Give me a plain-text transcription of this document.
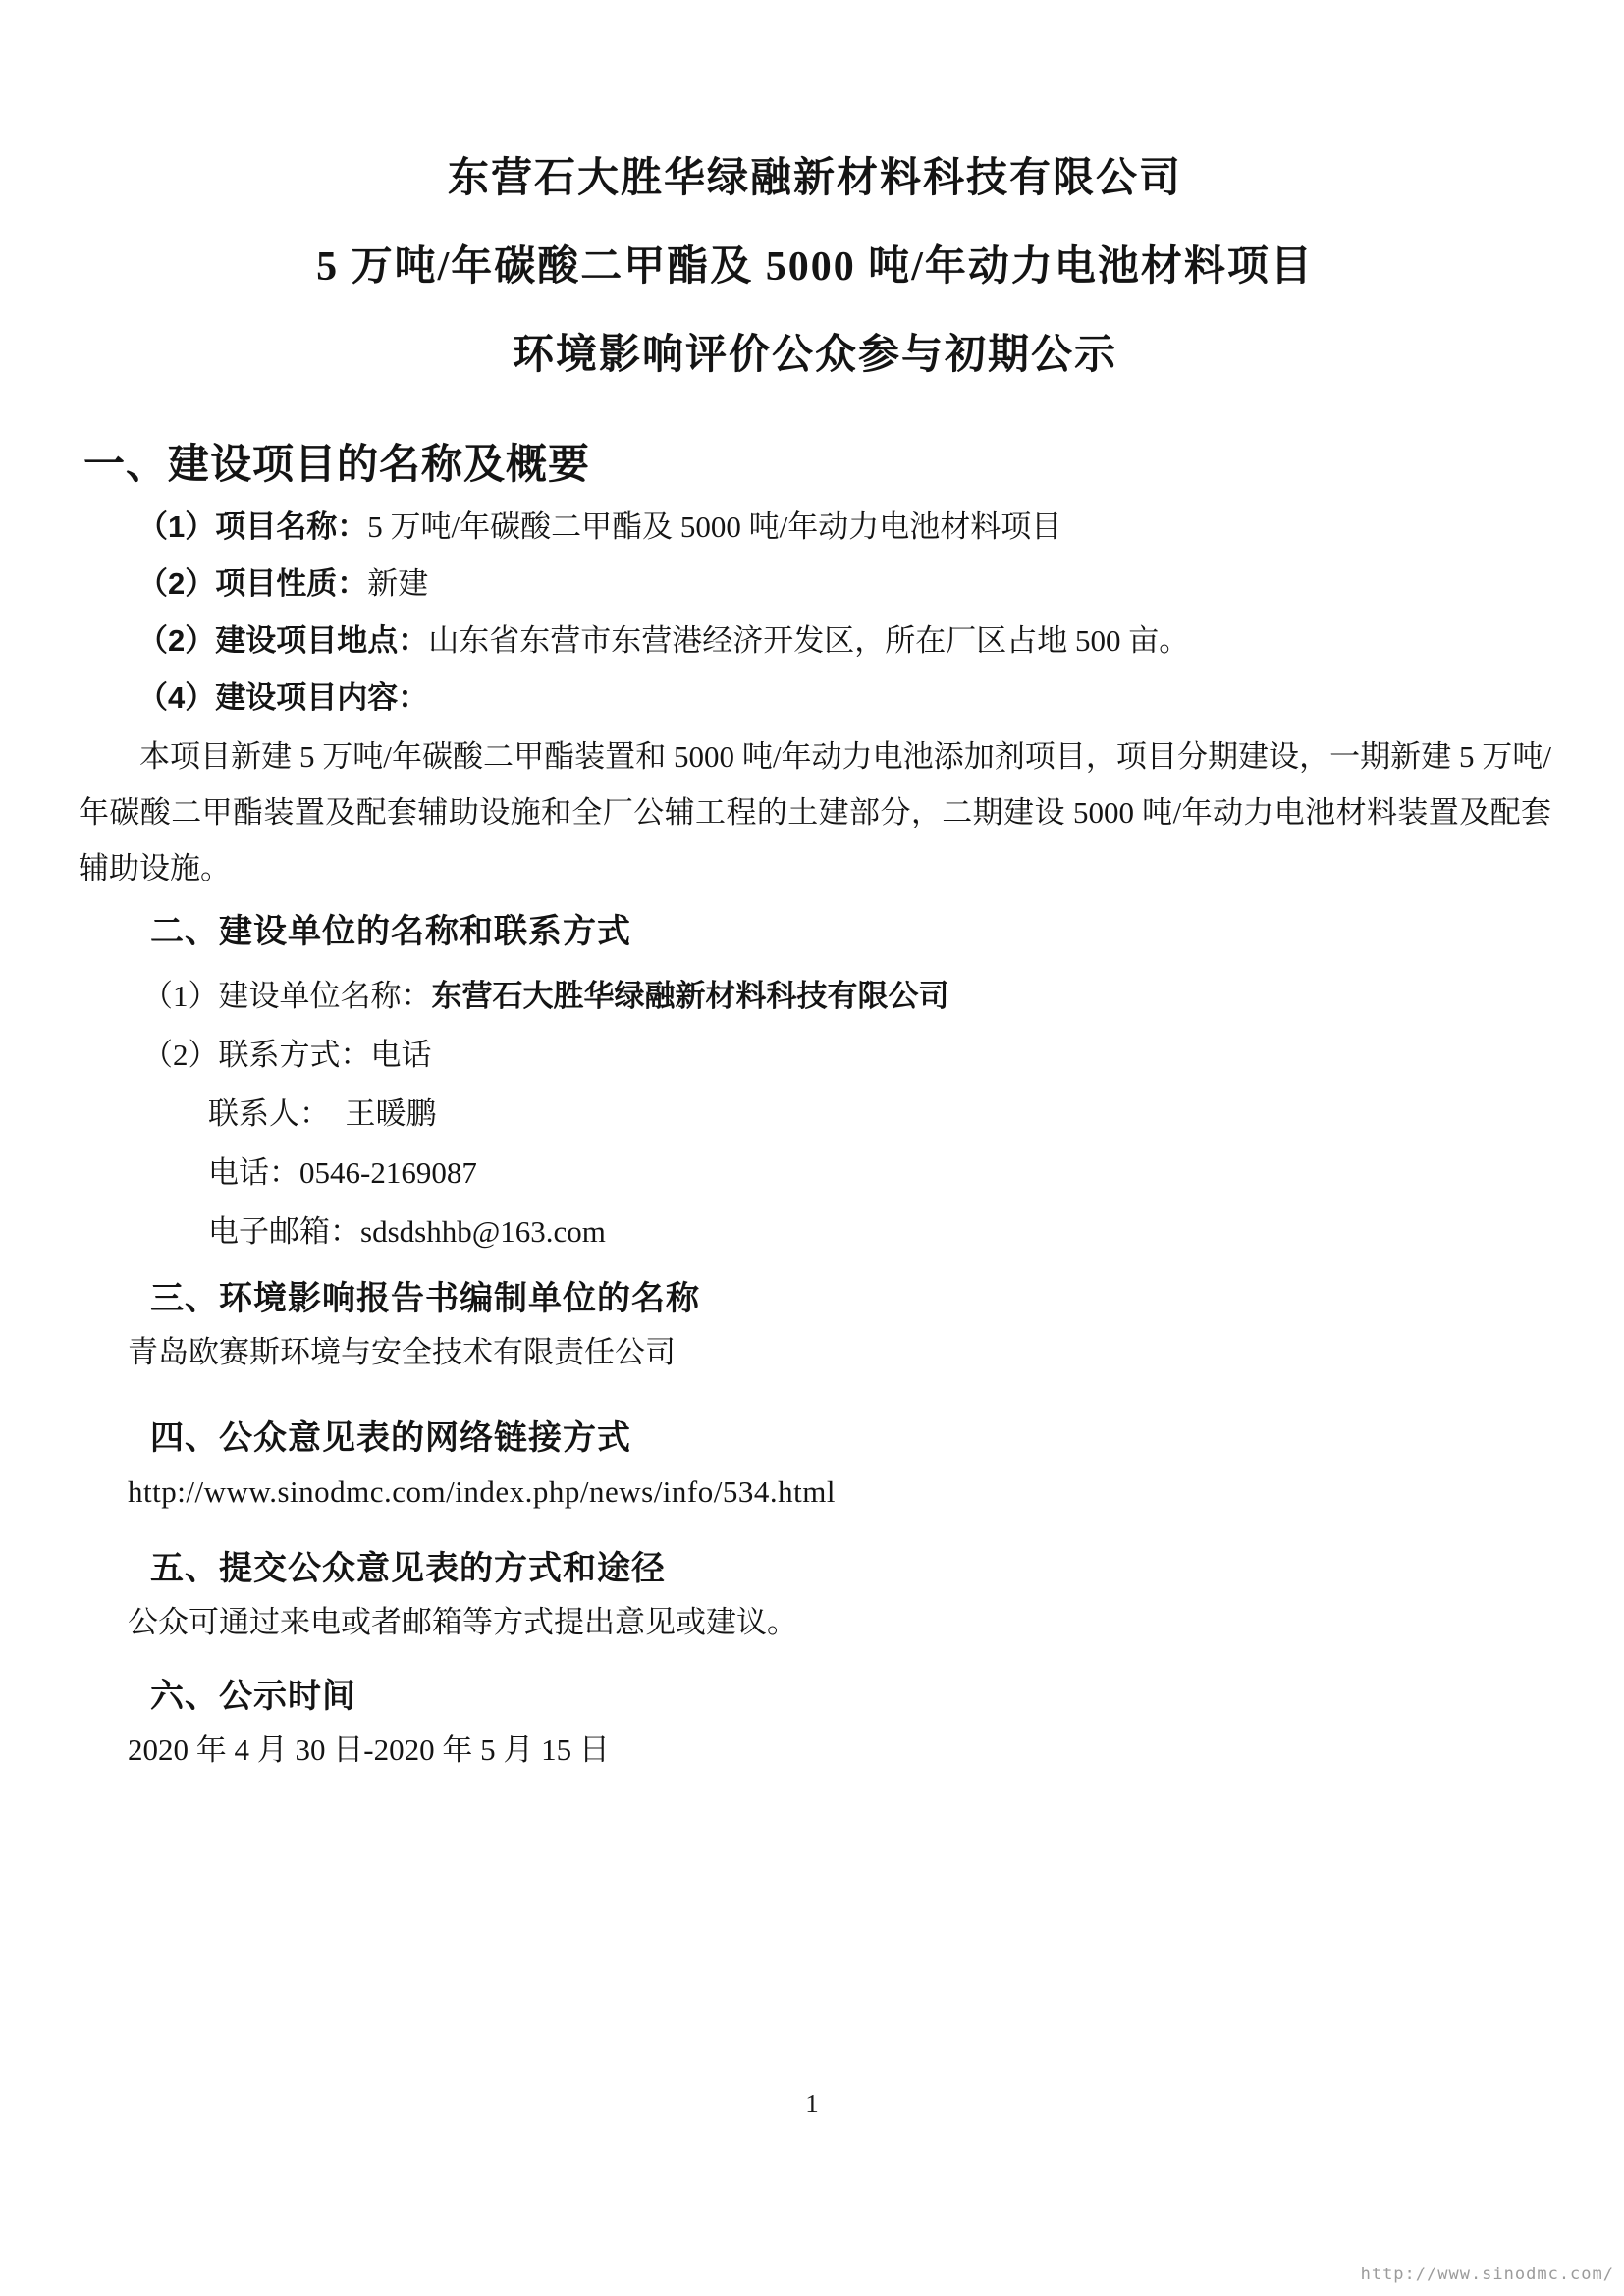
东营石大胜华绿融新材料科技有限公司
5 万吨/年碳酸二甲酯及 5000 吨/年动力电池材料项目
环境影响评价公众参与初期公示
一、建设项目的名称及概要
（1）项目名称：5 万吨/年碳酸二甲酯及 5000 吨/年动力电池材料项目
（2）项目性质：新建
（2）建设项目地点：山东省东营市东营港经济开发区，所在厂区占地 500 亩。
（4）建设项目内容：
本项目新建 5 万吨/年碳酸二甲酯装置和 5000 吨/年动力电池添加剂项目，项目分期建设，一期新建 5 万吨/年碳酸二甲酯装置及配套辅助设施和全厂公辅工程的土建部分，二期建设 5000 吨/年动力电池材料装置及配套辅助设施。
二、建设单位的名称和联系方式
（1）建设单位名称：东营石大胜华绿融新材料科技有限公司
（2）联系方式：电话
联系人：　王暖鹏
电话：0546-2169087
电子邮箱：sdsdshhb@163.com
三、环境影响报告书编制单位的名称
青岛欧赛斯环境与安全技术有限责任公司
四、公众意见表的网络链接方式
http://www.sinodmc.com/index.php/news/info/534.html
五、提交公众意见表的方式和途径
公众可通过来电或者邮箱等方式提出意见或建议。
六、公示时间
2020 年 4 月 30 日-2020 年 5 月 15 日
1
http://www.sinodmc.com/
